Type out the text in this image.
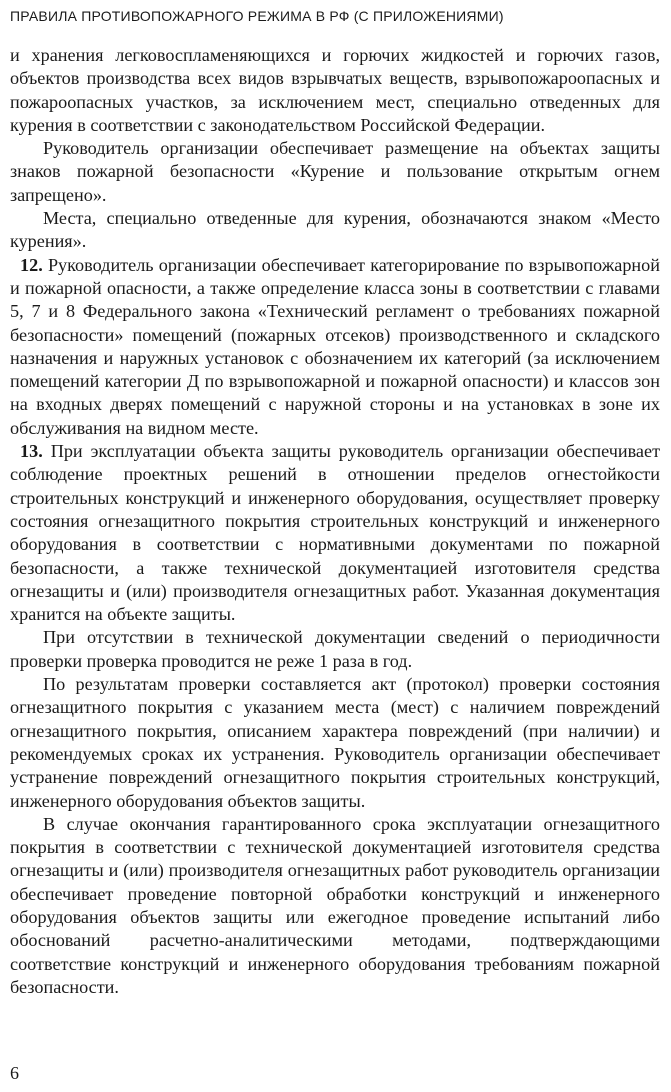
ПРАВИЛА ПРОТИВОПОЖАРНОГО РЕЖИМА В РФ (С ПРИЛОЖЕНИЯМИ)

и хранения легковоспламеняющихся и горючих жидкостей и горючих газов, объектов производства всех видов взрывчатых веществ, взрывопожароопасных и пожароопасных участков, за исключением мест, специально отведенных для курения в соответствии с законодательством Российской Федерации.

Руководитель организации обеспечивает размещение на объектах защиты знаков пожарной безопасности «Курение и пользование открытым огнем запрещено».

Места, специально отведенные для курения, обозначаются знаком «Место курения».

12. Руководитель организации обеспечивает категорирование по взрывопожарной и пожарной опасности, а также определение класса зоны в соответствии с главами 5, 7 и 8 Федерального закона «Технический регламент о требованиях пожарной безопасности» помещений (пожарных отсеков) производственного и складского назначения и наружных установок с обозначением их категорий (за исключением помещений категории Д по взрывопожарной и пожарной опасности) и классов зон на входных дверях помещений с наружной стороны и на установках в зоне их обслуживания на видном месте.

13. При эксплуатации объекта защиты руководитель организации обеспечивает соблюдение проектных решений в отношении пределов огнестойкости строительных конструкций и инженерного оборудования, осуществляет проверку состояния огнезащитного покрытия строительных конструкций и инженерного оборудования в соответствии с нормативными документами по пожарной безопасности, а также технической документацией изготовителя средства огнезащиты и (или) производителя огнезащитных работ. Указанная документация хранится на объекте защиты.

При отсутствии в технической документации сведений о периодичности проверки проверка проводится не реже 1 раза в год.

По результатам проверки составляется акт (протокол) проверки состояния огнезащитного покрытия с указанием места (мест) с наличием повреждений огнезащитного покрытия, описанием характера повреждений (при наличии) и рекомендуемых сроках их устранения. Руководитель организации обеспечивает устранение повреждений огнезащитного покрытия строительных конструкций, инженерного оборудования объектов защиты.

В случае окончания гарантированного срока эксплуатации огнезащитного покрытия в соответствии с технической документацией изготовителя средства огнезащиты и (или) производителя огнезащитных работ руководитель организации обеспечивает проведение повторной обработки конструкций и инженерного оборудования объектов защиты или ежегодное проведение испытаний либо обоснований расчетно-аналитическими методами, подтверждающими соответствие конструкций и инженерного оборудования требованиям пожарной безопасности.

6
